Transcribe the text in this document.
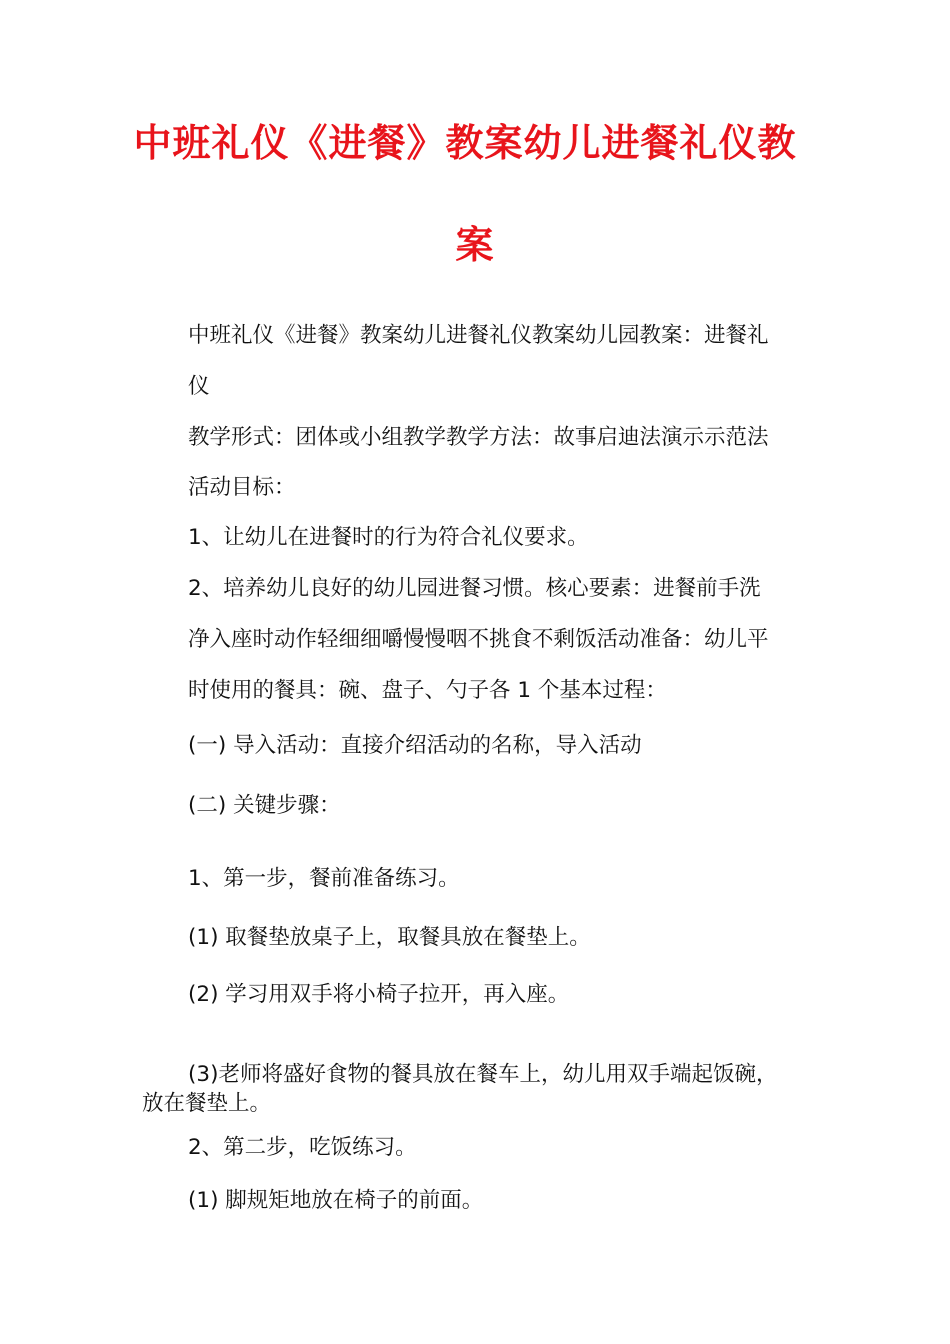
中班礼仪《进餐》教案幼儿进餐礼仪教
案

中班礼仪《进餐》教案幼儿进餐礼仪教案幼儿园教案：进餐礼

仪

教学形式：团体或小组教学教学方法：故事启迪法演示示范法

活动目标：

1、让幼儿在进餐时的行为符合礼仪要求。

2、培养幼儿良好的幼儿园进餐习惯。核心要素：进餐前手洗

净入座时动作轻细细嚼慢慢咽不挑食不剩饭活动准备：幼儿平

时使用的餐具：碗、盘子、勺子各 1 个基本过程：

(一) 导入活动：直接介绍活动的名称，导入活动

(二) 关键步骤：

1、第一步，餐前准备练习。

(1) 取餐垫放桌子上，取餐具放在餐垫上。

(2) 学习用双手将小椅子拉开，再入座。

(3)老师将盛好食物的餐具放在餐车上，幼儿用双手端起饭碗，

放在餐垫上。

2、第二步，吃饭练习。

(1) 脚规矩地放在椅子的前面。
